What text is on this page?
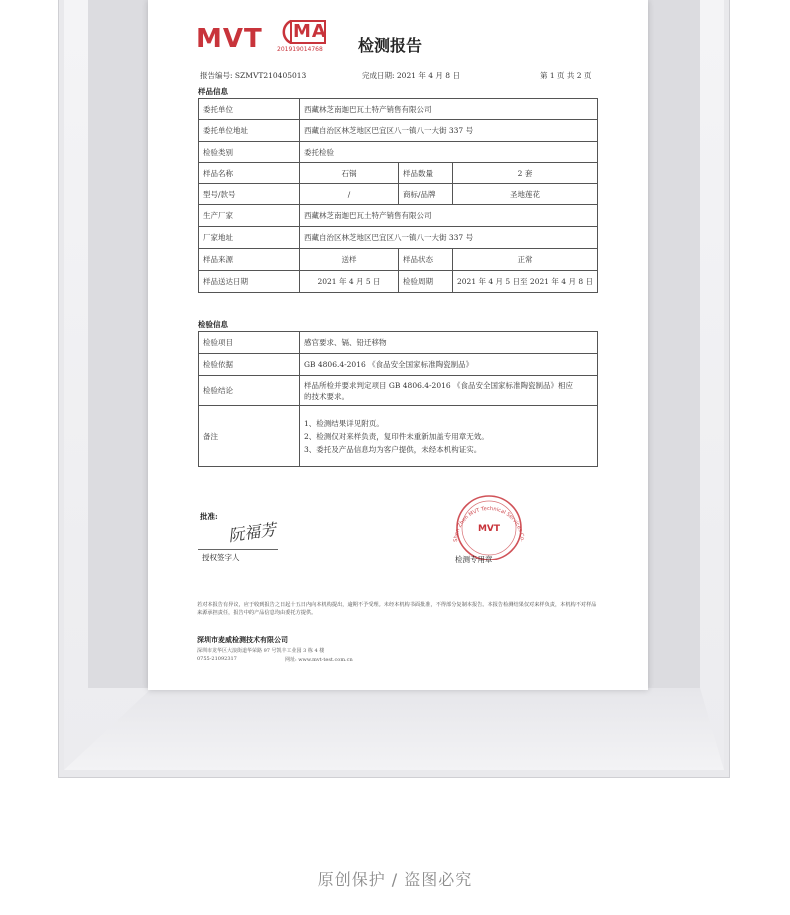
MVT MA
201919014768 检测报告
报告编号: SZMVT210405013	完成日期: 2021 年 4 月 8 日	第 1 页 共 2 页
样品信息
委托单位	西藏林芝南迦巴瓦土特产销售有限公司		
委托单位地址	西藏自治区林芝地区巴宜区八一镇八一大街 337 号		
检验类别	委托检验		
样品名称	石锅	样品数量	2 套
型号/款号	/	商标/品牌	圣地莲花
生产厂家	西藏林芝南迦巴瓦土特产销售有限公司		
厂家地址	西藏自治区林芝地区巴宜区八一镇八一大街 337 号		
样品来源	送样	样品状态	正常
样品送达日期	2021 年 4 月 5 日	检验周期	2021 年 4 月 5 日至 2021 年 4 月 8 日
检验信息
检验项目	感官要求、镉、铅迁移物
检验依据	GB 4806.4-2016 《食品安全国家标准陶瓷制品》
检验结论	样品所检并要求判定项目 GB 4806.4-2016 《食品安全国家标准陶瓷制品》相应
的技术要求。

备注	1、检测结果详见附页。
2、检测仅对来样负责，复印件未重新加盖专用章无效。
3、委托及产品信息均为客户提供，未经本机构证实。
批准:
阮福芳
授权签字人
Shen Zhen MVT Technical Services Co.
MVT
检测专用章
若对本报告有异议，应于收到报告之日起十五日内向本机构提出，逾期不予受理。未经本机构书面批准，不得部分复制本报告。本报告检测结果仅对来样负责，本机构不对样品来源承担责任，报告中的产品信息均由委托方提供。
深圳市麦威检测技术有限公司
深圳市龙华区大浪街道华荣路 97 号凯丰工业园 3 栋 4 楼
0755-21092317	网址: www.mvt-test.com.cn
原创保护 / 盗图必究
